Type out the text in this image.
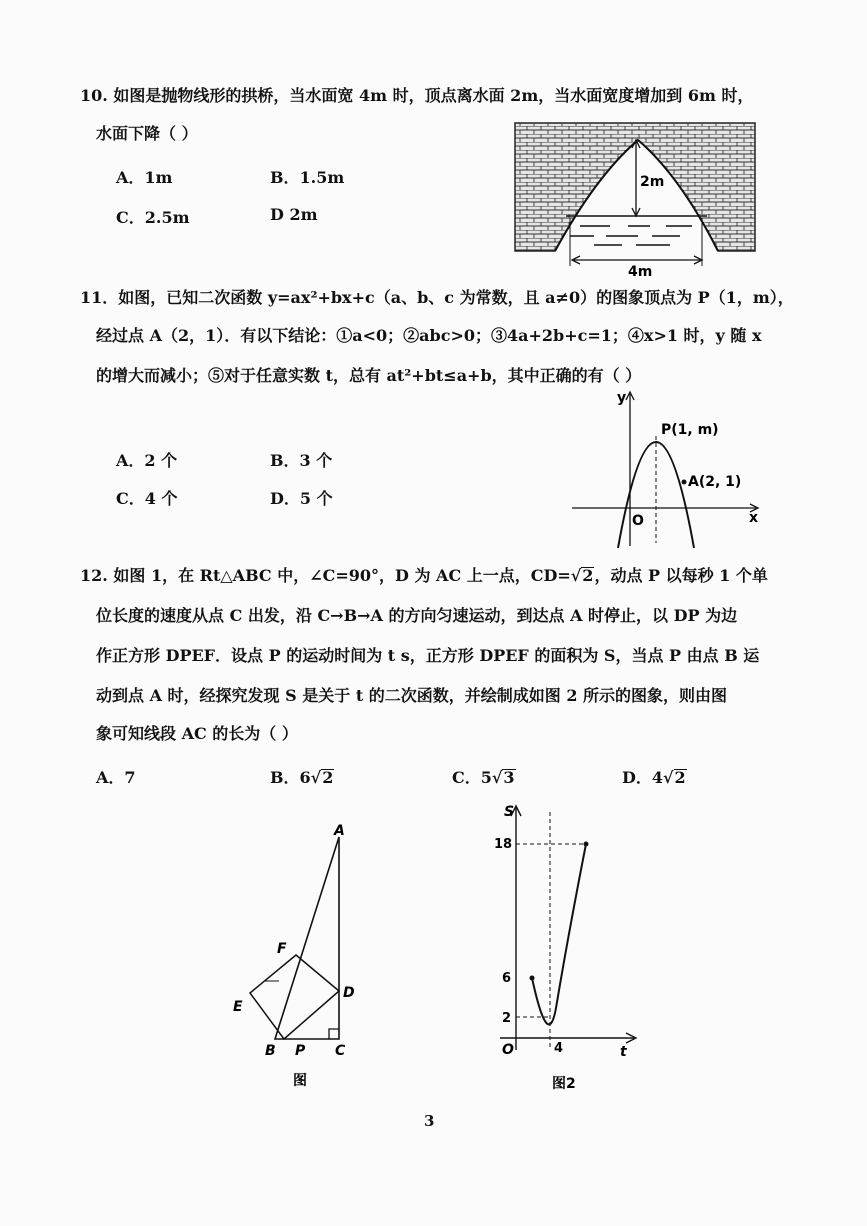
10. 如图是抛物线形的拱桥，当水面宽 4m 时，顶点离水面 2m，当水面宽度增加到 6m 时，
水面下降（ ）
A．1m	B．1.5m
C．2.5m	D 2m
2m
4m
11．如图，已知二次函数 y=ax²+bx+c（a、b、c 为常数，且 a≠0）的图象顶点为 P（1，m），
经过点 A（2，1）．有以下结论：①a<0；②abc>0；③4a+2b+c=1；④x>1 时，y 随 x
的增大而减小；⑤对于任意实数 t，总有 at²+bt≤a+b，其中正确的有（ ）
A．2 个	B．3 个
C．4 个	D．5 个
x
y
O
P(1, m)
A(2, 1)
12. 如图 1，在 Rt△ABC 中，∠C=90°，D 为 AC 上一点，CD=√2，动点 P 以每秒 1 个单
位长度的速度从点 C 出发，沿 C→B→A 的方向匀速运动，到达点 A 时停止，以 DP 为边
作正方形 DPEF．设点 P 的运动时间为 t s，正方形 DPEF 的面积为 S，当点 P 由点 B 运
动到点 A 时，经探究发现 S 是关于 t 的二次函数，并绘制成如图 2 所示的图象，则由图
象可知线段 AC 的长为（ ）
A．7	B．6√2	C．5√3	D．4√2
A
B	C
D
E
F
P
图
S
t
O
18
6
2
4
图2
3
